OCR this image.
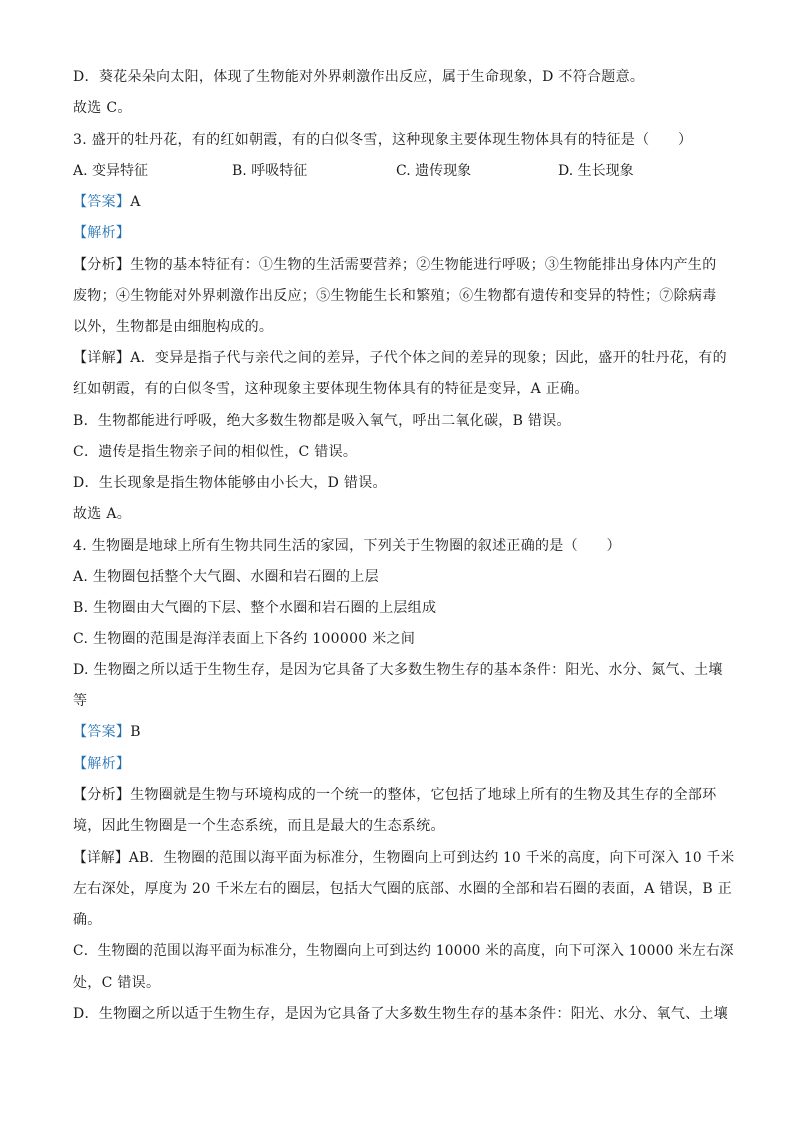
D．葵花朵朵向太阳，体现了生物能对外界刺激作出反应，属于生命现象，D 不符合题意。
故选 C。
3. 盛开的牡丹花，有的红如朝霞，有的白似冬雪，这种现象主要体现生物体具有的特征是（　　）
A. 变异特征	B. 呼吸特征	C. 遗传现象	D. 生长现象
【答案】A
【解析】
【分析】生物的基本特征有：①生物的生活需要营养；②生物能进行呼吸；③生物能排出身体内产生的
废物；④生物能对外界刺激作出反应；⑤生物能生长和繁殖；⑥生物都有遗传和变异的特性；⑦除病毒
以外，生物都是由细胞构成的。
【详解】A．变异是指子代与亲代之间的差异，子代个体之间的差异的现象；因此，盛开的牡丹花，有的
红如朝霞，有的白似冬雪，这种现象主要体现生物体具有的特征是变异，A 正确。
B．生物都能进行呼吸，绝大多数生物都是吸入氧气，呼出二氧化碳，B 错误。
C．遗传是指生物亲子间的相似性，C 错误。
D．生长现象是指生物体能够由小长大，D 错误。
故选 A。
4. 生物圈是地球上所有生物共同生活的家园，下列关于生物圈的叙述正确的是（　　）
A. 生物圈包括整个大气圈、水圈和岩石圈的上层
B. 生物圈由大气圈的下层、整个水圈和岩石圈的上层组成
C. 生物圈的范围是海洋表面上下各约 100000 米之间
D. 生物圈之所以适于生物生存，是因为它具备了大多数生物生存的基本条件：阳光、水分、氮气、土壤
等
【答案】B
【解析】
【分析】生物圈就是生物与环境构成的一个统一的整体，它包括了地球上所有的生物及其生存的全部环
境，因此生物圈是一个生态系统，而且是最大的生态系统。
【详解】AB．生物圈的范围以海平面为标准分，生物圈向上可到达约 10 千米的高度，向下可深入 10 千米
左右深处，厚度为 20 千米左右的圈层，包括大气圈的底部、水圈的全部和岩石圈的表面，A 错误，B 正
确。
C．生物圈的范围以海平面为标准分，生物圈向上可到达约 10000 米的高度，向下可深入 10000 米左右深
处，C 错误。
D．生物圈之所以适于生物生存，是因为它具备了大多数生物生存的基本条件：阳光、水分、氧气、土壤
